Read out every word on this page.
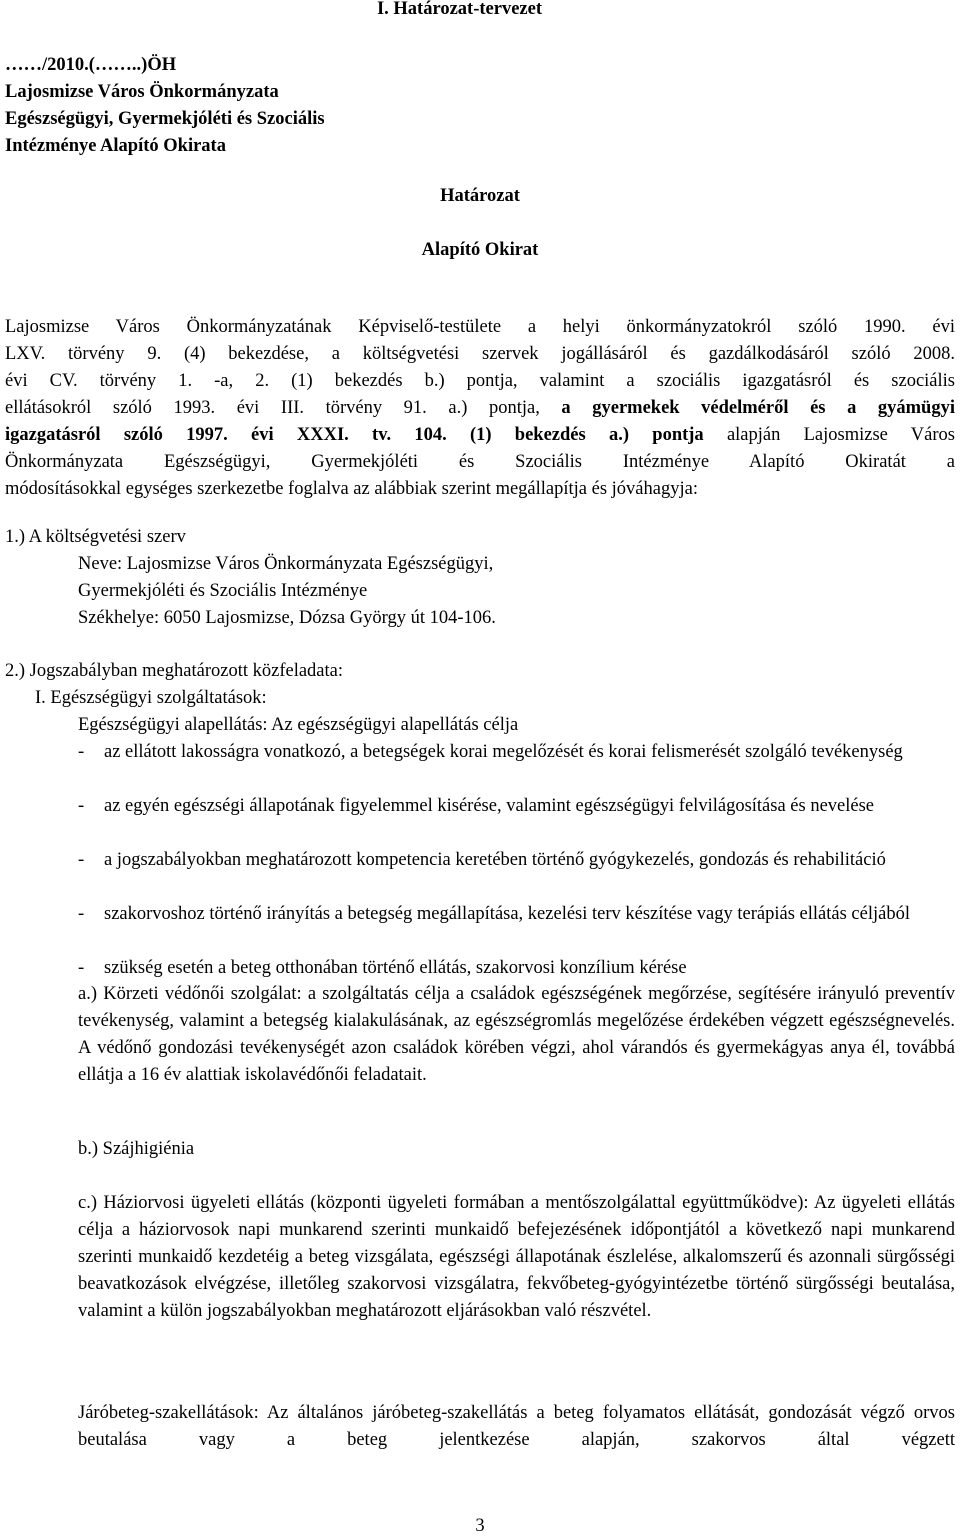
I. Határozat-tervezet
……/2010.(……..)ÖH
Lajosmizse Város Önkormányzata
Egészségügyi, Gyermekjóléti és Szociális
Intézménye Alapító Okirata
Határozat
Alapító Okirat
Lajosmizse Város Önkormányzatának Képviselő-testülete a helyi önkormányzatokról szóló 1990. évi
LXV. törvény 9. (4) bekezdése, a költségvetési szervek jogállásáról és gazdálkodásáról szóló 2008.
évi CV. törvény 1. -a, 2. (1) bekezdés b.) pontja, valamint a szociális igazgatásról és szociális
ellátásokról szóló 1993. évi III. törvény 91. a.) pontja, a gyermekek védelméről és a gyámügyi
igazgatásról szóló 1997. évi XXXI. tv. 104. (1) bekezdés a.) pontja alapján Lajosmizse Város
Önkormányzata Egészségügyi, Gyermekjóléti és Szociális Intézménye Alapító Okiratát a
módosításokkal egységes szerkezetbe foglalva az alábbiak szerint megállapítja és jóváhagyja:
1.) A költségvetési szerv
Neve: Lajosmizse Város Önkormányzata Egészségügyi,
Gyermekjóléti és Szociális Intézménye
Székhelye: 6050 Lajosmizse, Dózsa György út 104-106.
2.) Jogszabályban meghatározott közfeladata:
I. Egészségügyi szolgáltatások:
Egészségügyi alapellátás: Az egészségügyi alapellátás célja
- az ellátott lakosságra vonatkozó, a betegségek korai megelőzését és korai felismerését szolgáló tevékenység

- az egyén egészségi állapotának figyelemmel kisérése, valamint egészségügyi felvilágosítása és nevelése

- a jogszabályokban meghatározott kompetencia keretében történő gyógykezelés, gondozás és rehabilitáció

- szakorvoshoz történő irányítás a betegség megállapítása, kezelési terv készítése vagy terápiás ellátás céljából

- szükség esetén a beteg otthonában történő ellátás, szakorvosi konzílium kérése

a.) Körzeti védőnői szolgálat: a szolgáltatás célja a családok egészségének megőrzése, segítésére irányuló preventív tevékenység, valamint a betegség kialakulásának, az egészségromlás megelőzése érdekében végzett egészségnevelés. A védőnő gondozási tevékenységét azon családok körében végzi, ahol várandós és gyermekágyas anya él, továbbá ellátja a 16 év alattiak iskolavédőnői feladatait.

b.) Szájhigiénia

c.) Háziorvosi ügyeleti ellátás (központi ügyeleti formában a mentőszolgálattal együttműködve): Az ügyeleti ellátás célja a háziorvosok napi munkarend szerinti munkaidő befejezésének időpontjától a következő napi munkarend szerinti munkaidő kezdetéig a beteg vizsgálata, egészségi állapotának észlelése, alkalomszerű és azonnali sürgősségi beavatkozások elvégzése, illetőleg szakorvosi vizsgálatra, fekvőbeteg-gyógyintézetbe történő sürgősségi beutalása, valamint a külön jogszabályokban meghatározott eljárásokban való részvétel.

Járóbeteg-szakellátások: Az általános járóbeteg-szakellátás a beteg folyamatos ellátását, gondozását végző orvos beutalása vagy a beteg jelentkezése alapján, szakorvos által végzett

3
